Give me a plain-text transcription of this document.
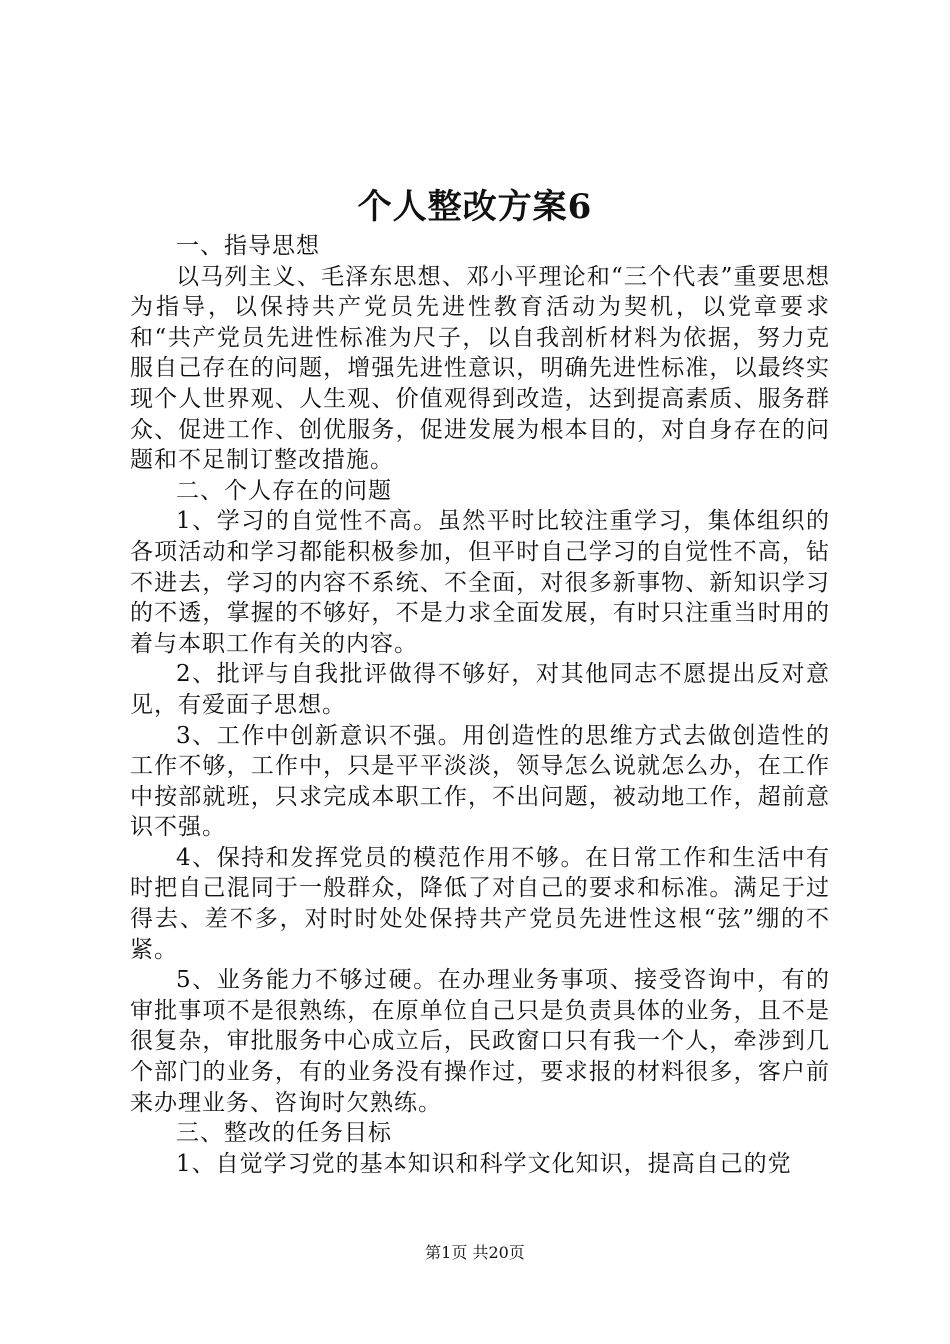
个人整改方案6

一、指导思想

以马列主义、毛泽东思想、邓小平理论和“三个代表”重要思想为指导，以保持共产党员先进性教育活动为契机，以党章要求和“共产党员先进性标准为尺子，以自我剖析材料为依据，努力克服自己存在的问题，增强先进性意识，明确先进性标准，以最终实现个人世界观、人生观、价值观得到改造，达到提高素质、服务群众、促进工作、创优服务，促进发展为根本目的，对自身存在的问题和不足制订整改措施。

二、个人存在的问题

1、学习的自觉性不高。虽然平时比较注重学习，集体组织的各项活动和学习都能积极参加，但平时自己学习的自觉性不高，钻不进去，学习的内容不系统、不全面，对很多新事物、新知识学习的不透，掌握的不够好，不是力求全面发展，有时只注重当时用的着与本职工作有关的内容。

2、批评与自我批评做得不够好，对其他同志不愿提出反对意见，有爱面子思想。

3、工作中创新意识不强。用创造性的思维方式去做创造性的工作不够，工作中，只是平平淡淡，领导怎么说就怎么办，在工作中按部就班，只求完成本职工作，不出问题，被动地工作，超前意识不强。

4、保持和发挥党员的模范作用不够。在日常工作和生活中有时把自己混同于一般群众，降低了对自己的要求和标准。满足于过得去、差不多，对时时处处保持共产党员先进性这根“弦”绷的不紧。

5、业务能力不够过硬。在办理业务事项、接受咨询中，有的审批事项不是很熟练，在原单位自己只是负责具体的业务，且不是很复杂，审批服务中心成立后，民政窗口只有我一个人，牵涉到几个部门的业务，有的业务没有操作过，要求报的材料很多，客户前来办理业务、咨询时欠熟练。

三、整改的任务目标

1、自觉学习党的基本知识和科学文化知识，提高自己的党

第1页 共20页
